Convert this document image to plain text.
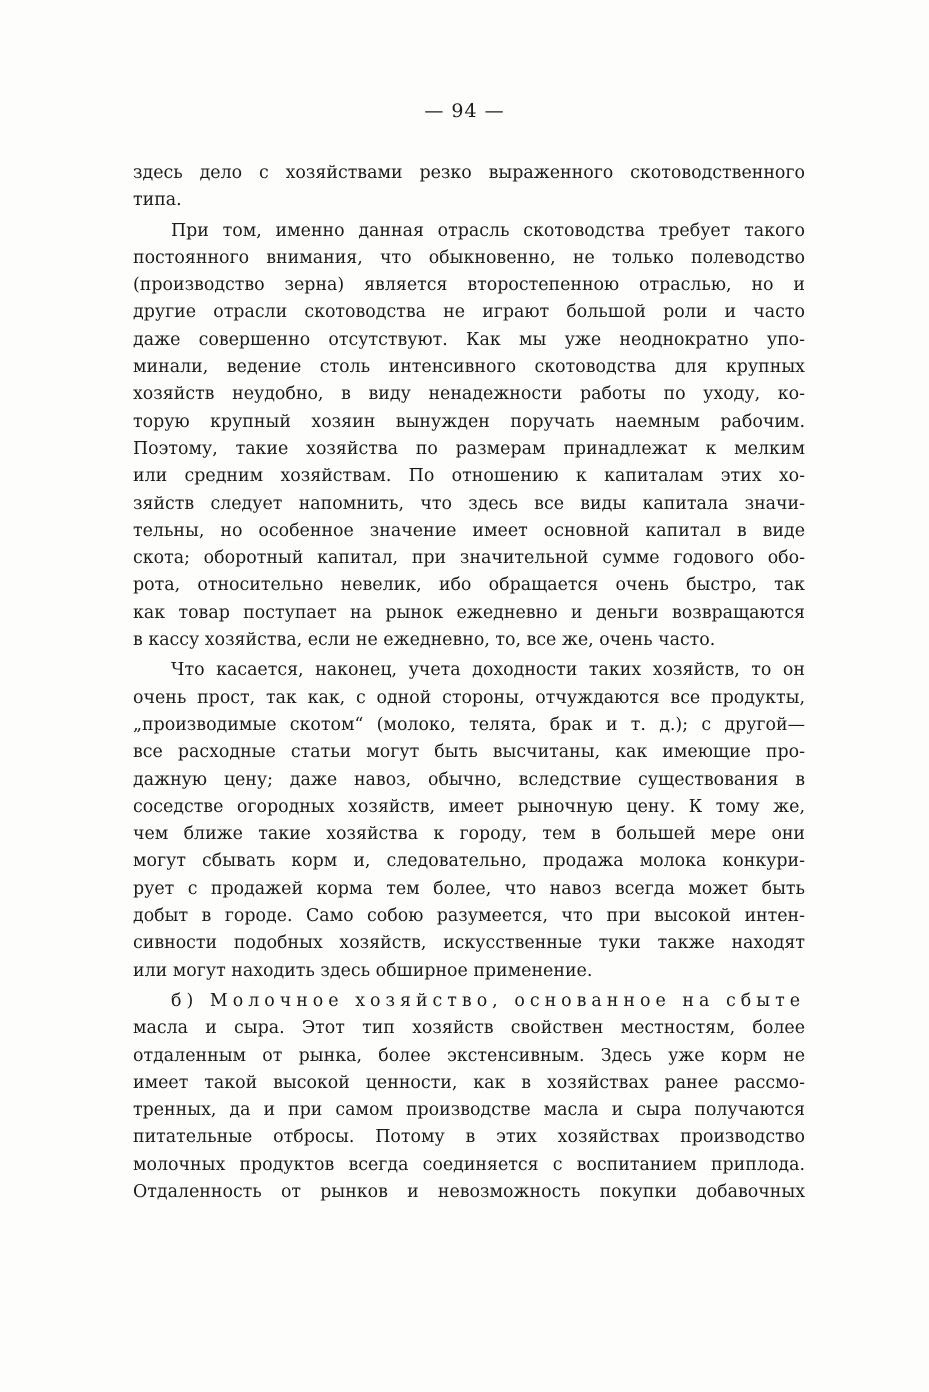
— 94 —
здесь дело с хозяйствами резко выраженного скотоводственного
типа.
При том, именно данная отрасль скотоводства требует такого
постоянного внимания, что обыкновенно, не только полеводство
(производство зерна) является второстепенною отраслью, но и
другие отрасли скотоводства не играют большой роли и часто
даже совершенно отсутствуют. Как мы уже неоднократно упо-
минали, ведение столь интенсивного скотоводства для крупных
хозяйств неудобно, в виду ненадежности работы по уходу, ко-
торую крупный хозяин вынужден поручать наемным рабочим.
Поэтому, такие хозяйства по размерам принадлежат к мелким
или средним хозяйствам. По отношению к капиталам этих хо-
зяйств следует напомнить, что здесь все виды капитала значи-
тельны, но особенное значение имеет основной капитал в виде
скота; оборотный капитал, при значительной сумме годового обо-
рота, относительно невелик, ибо обращается очень быстро, так
как товар поступает на рынок ежедневно и деньги возвращаются
в кассу хозяйства, если не ежедневно, то, все же, очень часто.
Что касается, наконец, учета доходности таких хозяйств, то он
очень прост, так как, с одной стороны, отчуждаются все продукты,
„производимые скотом“ (молоко, телята, брак и т. д.); с другой—
все расходные статьи могут быть высчитаны, как имеющие про-
дажную цену; даже навоз, обычно, вследствие существования в
соседстве огородных хозяйств, имеет рыночную цену. К тому же,
чем ближе такие хозяйства к городу, тем в большей мере они
могут сбывать корм и, следовательно, продажа молока конкури-
рует с продажей корма тем более, что навоз всегда может быть
добыт в городе. Само собою разумеется, что при высокой интен-
сивности подобных хозяйств, искусственные туки также находят
или могут находить здесь обширное применение.
б) Молочное хозяйство, основанное на сбыте
масла и сыра. Этот тип хозяйств свойствен местностям, более
отдаленным от рынка, более экстенсивным. Здесь уже корм не
имеет такой высокой ценности, как в хозяйствах ранее рассмо-
тренных, да и при самом производстве масла и сыра получаются
питательные отбросы. Потому в этих хозяйствах производство
молочных продуктов всегда соединяется с воспитанием приплода.
Отдаленность от рынков и невозможность покупки добавочных
